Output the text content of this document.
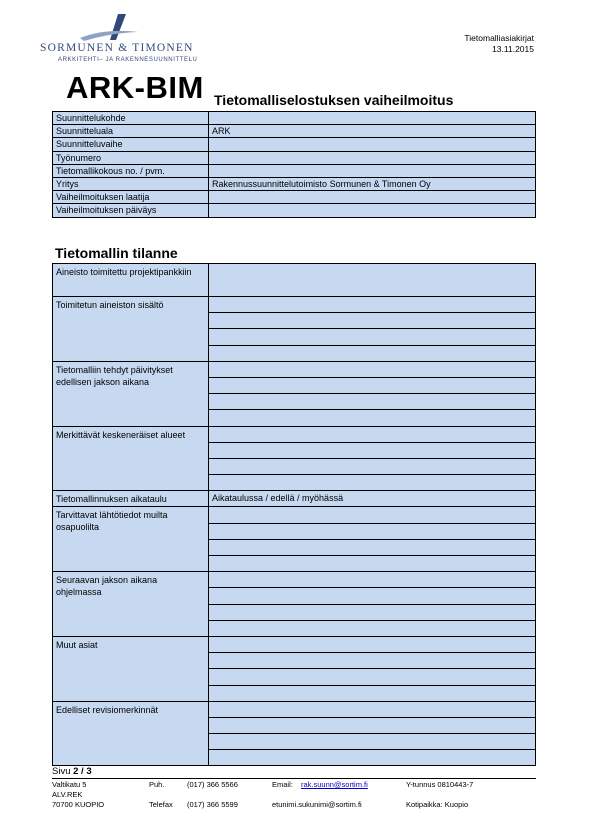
SORMUNEN & TIMONEN
ARKKITEHTI– JA RAKENNESUUNNITTELU
Tietomalliasiakirjat
13.11.2015
ARK-BIM Tietomalliselostuksen vaiheilmoitus
Suunnittelukohde	
Suunnitteluala	ARK
Suunnitteluvaihe	
Työnumero	
Tietomallikokous no. / pvm.	
Yritys	Rakennussuunnittelutoimisto Sormunen & Timonen Oy
Vaiheilmoituksen laatija	
Vaiheilmoituksen päiväys	
Tietomallin tilanne
Aineisto toimitettu projektipankkiin	
Toimitetun aineiston sisältö	

Tietomalliin tehdyt päivitykset edellisen jakson aikana	

Merkittävät keskeneräiset alueet	

Tietomallinnuksen aikataulu	Aikataulussa / edellä / myöhässä
Tarvittavat lähtötiedot muilta osapuolilta	

Seuraavan jakson aikana ohjelmassa	

Muut asiat	

Edelliset revisiomerkinnät	

Sivu 2 / 3
Valtikatu 5
ALV.REK
70700 KUOPIO
Puh.	(017) 366 5566
Telefax (017) 366 5599
Email: rak.suunn@sortim.fi
etunimi.sukunimi@sortim.fi
Y-tunnus 0810443-7
Kotipaikka: Kuopio
